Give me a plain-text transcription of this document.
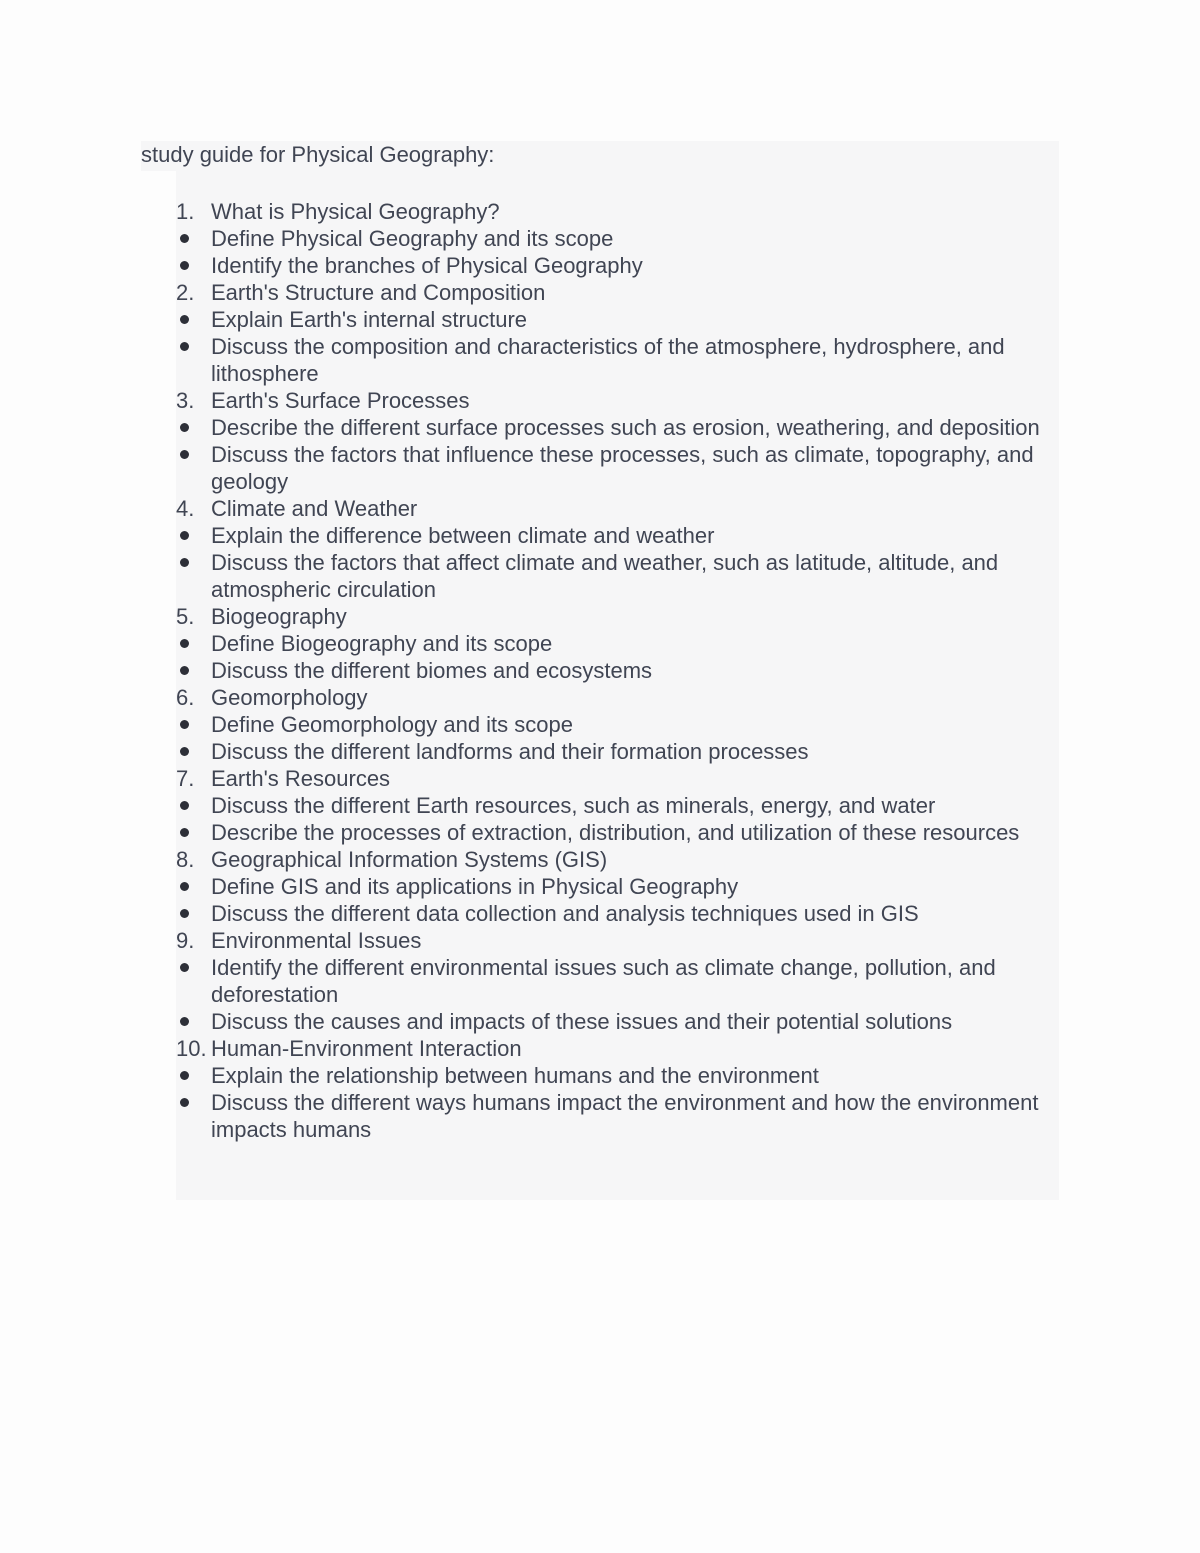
study guide for Physical Geography:
1. What is Physical Geography?
Define Physical Geography and its scope
Identify the branches of Physical Geography
2. Earth's Structure and Composition
Explain Earth's internal structure
Discuss the composition and characteristics of the atmosphere, hydrosphere, and lithosphere
3. Earth's Surface Processes
Describe the different surface processes such as erosion, weathering, and deposition
Discuss the factors that influence these processes, such as climate, topography, and geology
4. Climate and Weather
Explain the difference between climate and weather
Discuss the factors that affect climate and weather, such as latitude, altitude, and atmospheric circulation
5. Biogeography
Define Biogeography and its scope
Discuss the different biomes and ecosystems
6. Geomorphology
Define Geomorphology and its scope
Discuss the different landforms and their formation processes
7. Earth's Resources
Discuss the different Earth resources, such as minerals, energy, and water
Describe the processes of extraction, distribution, and utilization of these resources
8. Geographical Information Systems (GIS)
Define GIS and its applications in Physical Geography
Discuss the different data collection and analysis techniques used in GIS
9. Environmental Issues
Identify the different environmental issues such as climate change, pollution, and deforestation
Discuss the causes and impacts of these issues and their potential solutions
10. Human-Environment Interaction
Explain the relationship between humans and the environment
Discuss the different ways humans impact the environment and how the environment impacts humans
